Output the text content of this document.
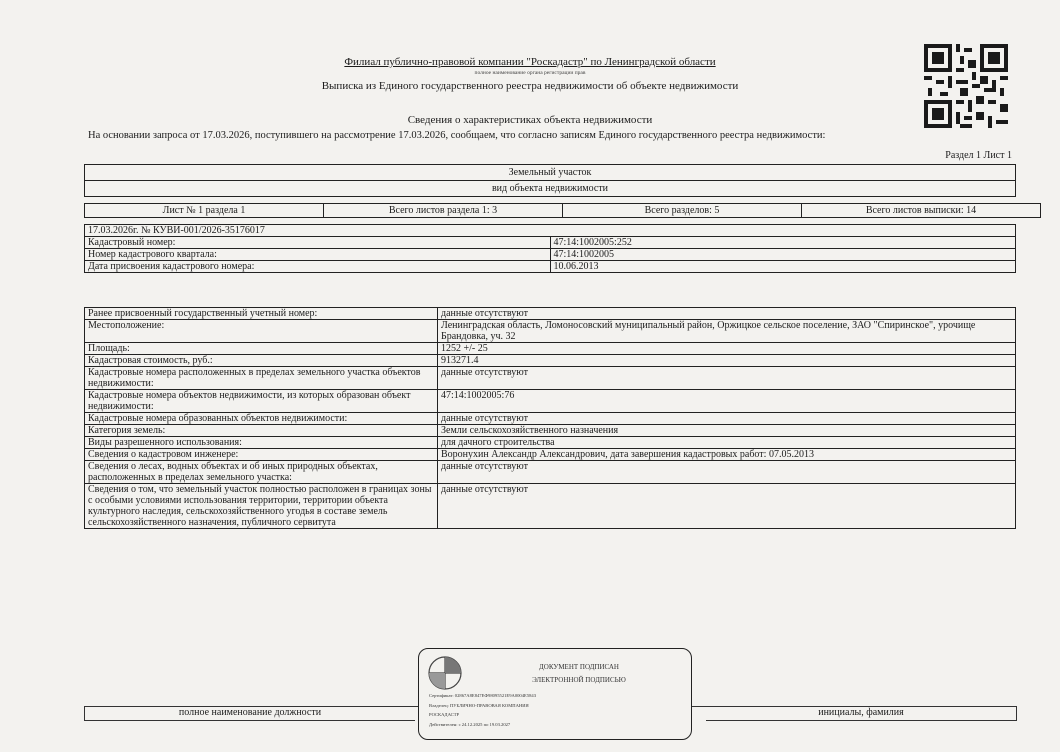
Филиал публично-правовой компании "Роскадастр" по Ленинградской области
полное наименование органа регистрации прав
Выписка из Единого государственного реестра недвижимости об объекте недвижимости
Сведения о характеристиках объекта недвижимости
На основании запроса от 17.03.2026, поступившего на рассмотрение 17.03.2026, сообщаем, что согласно записям Единого государственного реестра недвижимости:
Раздел 1 Лист 1
Земельный участок
вид объекта недвижимости
Лист № 1 раздела 1	Всего листов раздела 1: 3	Всего разделов: 5	Всего листов выписки: 14
17.03.2026г. № КУВИ-001/2026-35176017	
Кадастровый номер:	47:14:1002005:252
Номер кадастрового квартала:	47:14:1002005
Дата присвоения кадастрового номера:	10.06.2013
Ранее присвоенный государственный учетный номер:	данные отсутствуют
Местоположение:	Ленинградская область, Ломоносовский муниципальный район, Оржицкое сельское поселение, ЗАО "Спиринское", урочище Брандовка, уч. 32
Площадь:	1252 +/- 25
Кадастровая стоимость, руб.:	913271.4
Кадастровые номера расположенных в пределах земельного участка объектов недвижимости:	данные отсутствуют
Кадастровые номера объектов недвижимости, из которых образован объект недвижимости:	47:14:1002005:76
Кадастровые номера образованных объектов недвижимости:	данные отсутствуют
Категория земель:	Земли сельскохозяйственного назначения
Виды разрешенного использования:	для дачного строительства
Сведения о кадастровом инженере:	Воронухин Александр Александрович, дата завершения кадастровых работ: 07.05.2013
Сведения о лесах, водных объектах и об иных природных объектах, расположенных в пределах земельного участка:	данные отсутствуют
Сведения о том, что земельный участок полностью расположен в границах зоны с особыми условиями использования территории, территории объекта культурного наследия, сельскохозяйственного угодья в составе земель сельскохозяйственного назначения, публичного сервитута	данные отсутствуют
полное наименование должности	инициалы, фамилия
ДОКУМЕНТ ПОДПИСАН
ЭЛЕКТРОННОЙ ПОДПИСЬЮ
Сертификат: 02867А8Е847ЕФ98095521Е9А0004Е5843
Владелец: ПУБЛИЧНО-ПРАВОВАЯ КОМПАНИЯ
РОСКАДАСТР
Действителен: с 24.12.2025 по 19.03.2027
